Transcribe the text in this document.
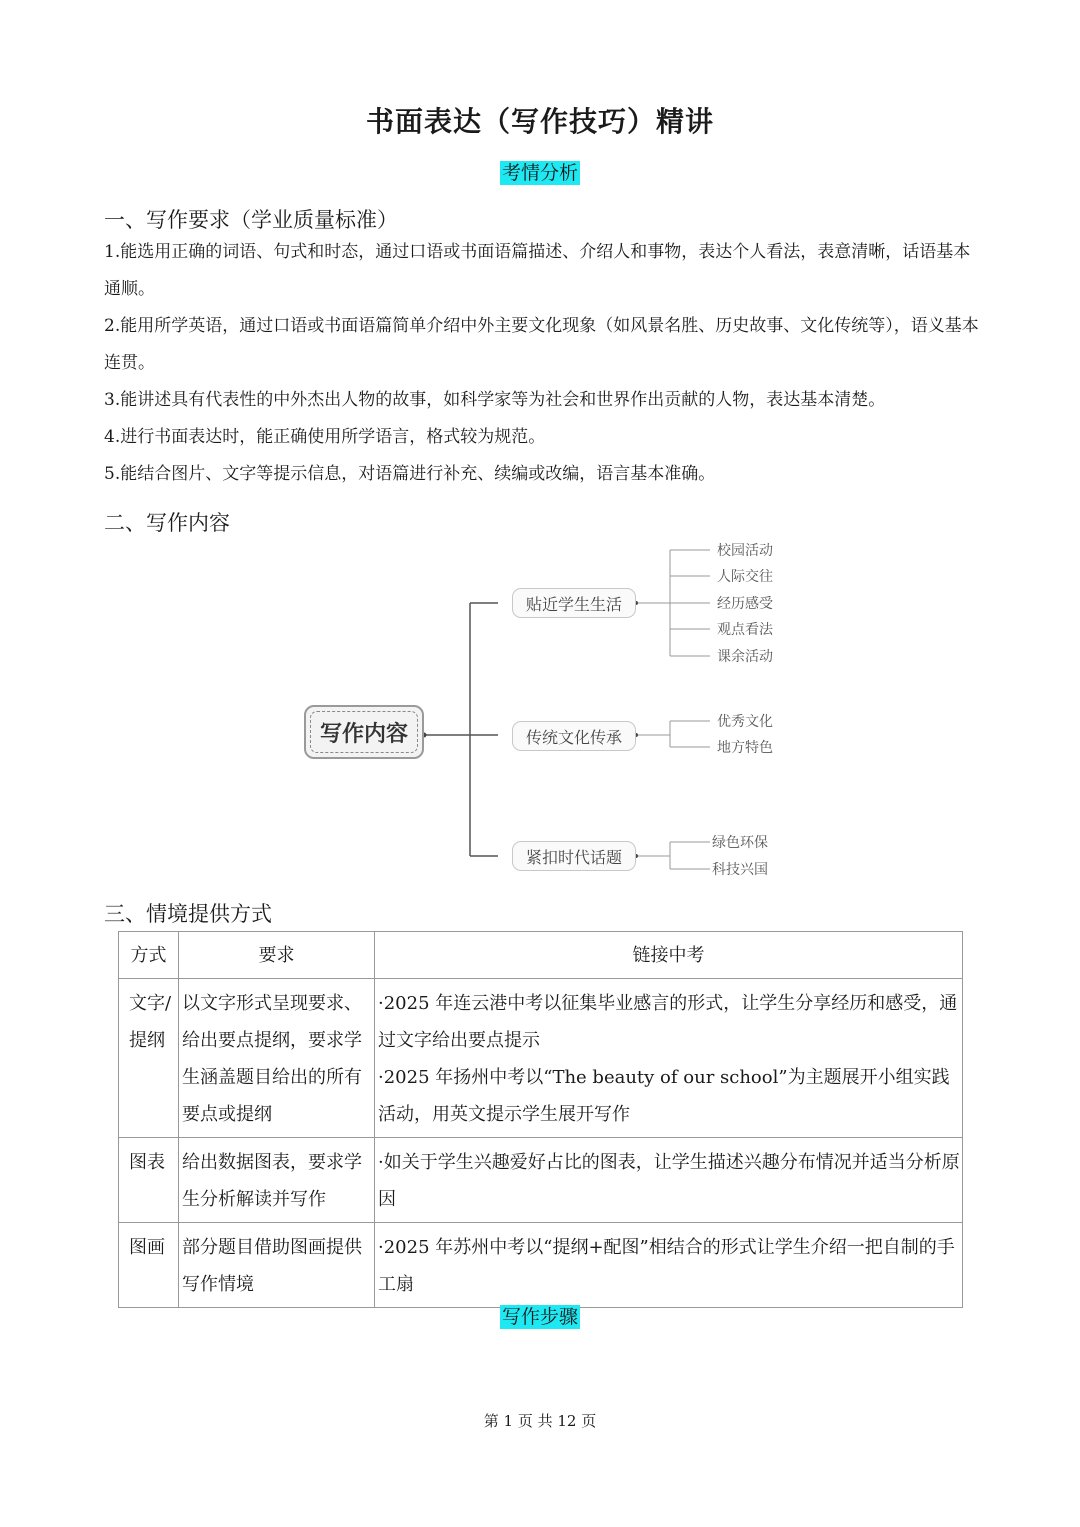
书面表达（写作技巧）精讲
考情分析
一、写作要求（学业质量标准）
1.能选用正确的词语、句式和时态，通过口语或书面语篇描述、介绍人和事物，表达个人看法，表意清晰，话语基本通顺。
2.能用所学英语，通过口语或书面语篇简单介绍中外主要文化现象（如风景名胜、历史故事、文化传统等），语义基本连贯。
3.能讲述具有代表性的中外杰出人物的故事，如科学家等为社会和世界作出贡献的人物，表达基本清楚。
4.进行书面表达时，能正确使用所学语言，格式较为规范。
5.能结合图片、文字等提示信息，对语篇进行补充、续编或改编，语言基本准确。
二、写作内容
写作内容
贴近学生生活
传统文化传承
紧扣时代话题
校园活动
人际交往
经历感受
观点看法
课余活动
优秀文化
地方特色
绿色环保
科技兴国
三、情境提供方式
方式	要求	链接中考
文字/提纲	以文字形式呈现要求、给出要点提纲，要求学生涵盖题目给出的所有要点或提纲	·2025 年连云港中考以征集毕业感言的形式，让学生分享经历和感受，通过文字给出要点提示
·2025 年扬州中考以“The beauty of our school”为主题展开小组实践活动，用英文提示学生展开写作

图表	给出数据图表，要求学生分析解读并写作	·如关于学生兴趣爱好占比的图表，让学生描述兴趣分布情况并适当分析原因

图画	部分题目借助图画提供写作情境	·2025 年苏州中考以“提纲+配图”相结合的形式让学生介绍一把自制的手工扇
写作步骤
第 1 页 共 12 页
